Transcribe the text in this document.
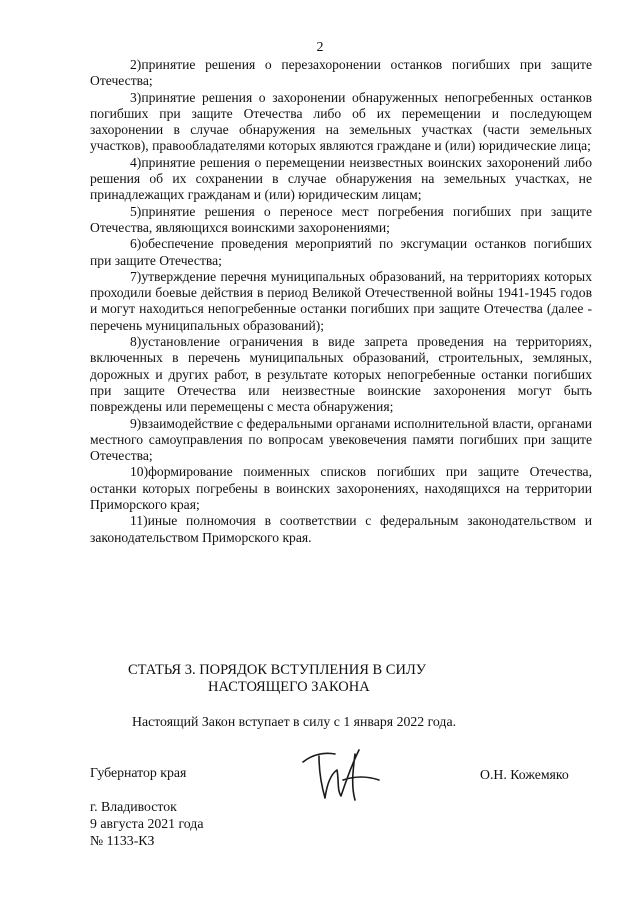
2

2)принятие решения о перезахоронении останков погибших при защите Отечества;

3)принятие решения о захоронении обнаруженных непогребенных останков погибших при защите Отечества либо об их перемещении и последующем захоронении в случае обнаружения на земельных участках (части земельных участков), правообладателями которых являются граждане и (или) юридические лица;

4)принятие решения о перемещении неизвестных воинских захоронений либо решения об их сохранении в случае обнаружения на земельных участках, не принадлежащих гражданам и (или) юридическим лицам;

5)принятие решения о переносе мест погребения погибших при защите Отечества, являющихся воинскими захоронениями;

6)обеспечение проведения мероприятий по эксгумации останков погибших при защите Отечества;

7)утверждение перечня муниципальных образований, на территориях которых проходили боевые действия в период Великой Отечественной войны 1941-1945 годов и могут находиться непогребенные останки погибших при защите Отечества (далее - перечень муниципальных образований);

8)установление ограничения в виде запрета проведения на территориях, включенных в перечень муниципальных образований, строительных, земляных, дорожных и других работ, в результате которых непогребенные останки погибших при защите Отечества или неизвестные воинские захоронения могут быть повреждены или перемещены с места обнаружения;

9)взаимодействие с федеральными органами исполнительной власти, органами местного самоуправления по вопросам увековечения памяти погибших при защите Отечества;

10)формирование поименных списков погибших при защите Отечества, останки которых погребены в воинских захоронениях, находящихся на территории Приморского края;

11)иные полномочия в соответствии с федеральным законодательством и законодательством Приморского края.

СТАТЬЯ 3. ПОРЯДОК ВСТУПЛЕНИЯ В СИЛУ
НАСТОЯЩЕГО ЗАКОНА
Настоящий Закон вступает в силу с 1 января 2022 года.
Губернатор края	О.Н. Кожемяко
г. Владивосток
9 августа 2021 года
№ 1133-КЗ
